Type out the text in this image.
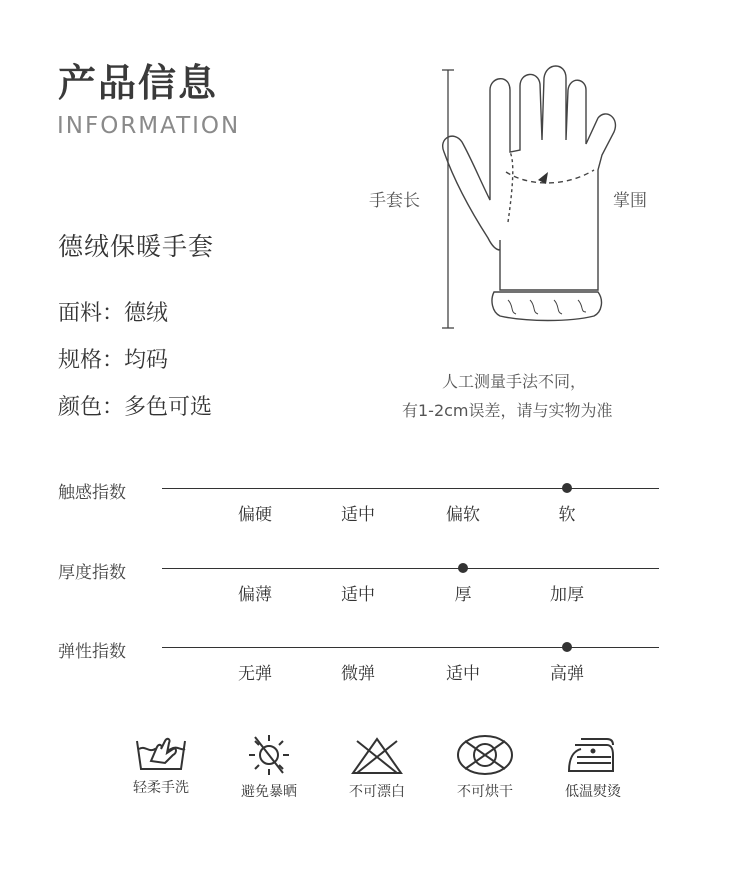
产品信息
INFORMATION
德绒保暖手套
面料：德绒
规格：均码
颜色：多色可选
手套长	掌围
人工测量手法不同，
有1-2cm误差，请与实物为准
触感指数
偏硬	适中	偏软	软
厚度指数
偏薄	适中	厚	加厚
弹性指数
无弹	微弹	适中	高弹
轻柔手洗	避免暴晒	不可漂白	不可烘干	低温熨烫
